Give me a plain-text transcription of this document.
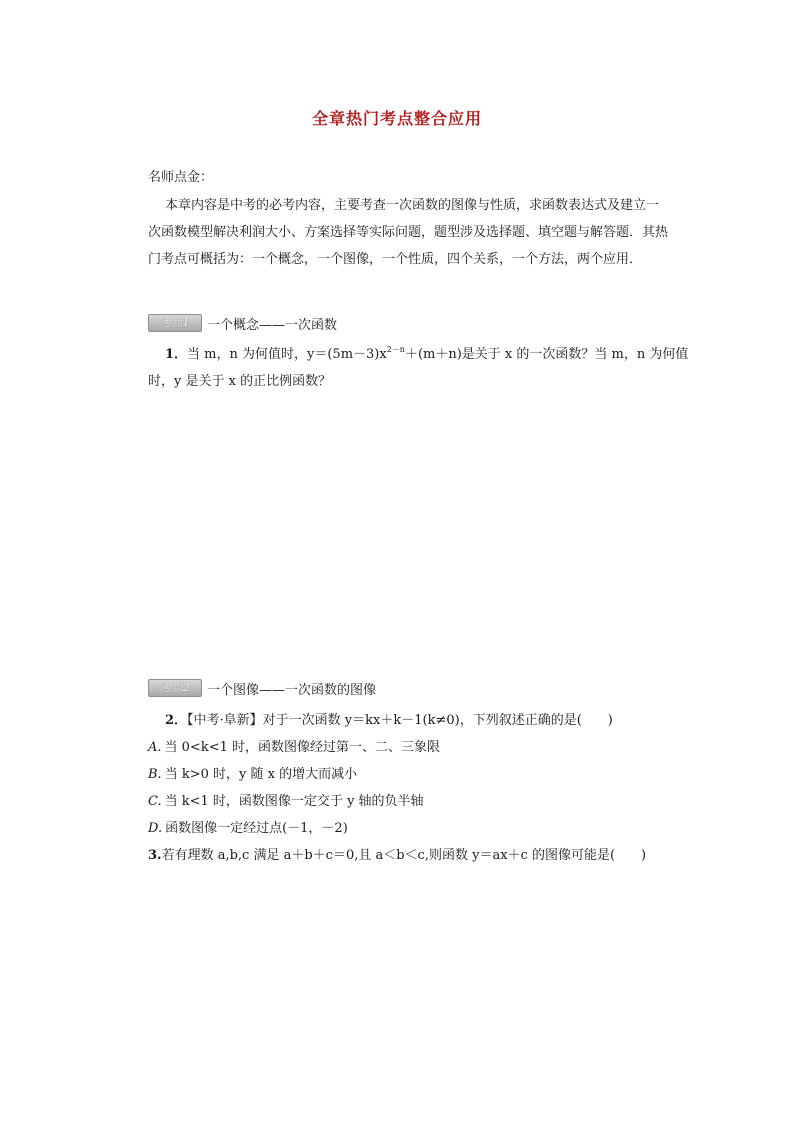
全章热门考点整合应用
名师点金：
本章内容是中考的必考内容，主要考查一次函数的图像与性质，求函数表达式及建立一
次函数模型解决利润大小、方案选择等实际问题，题型涉及选择题、填空题与解答题．其热
门考点可概括为：一个概念，一个图像，一个性质，四个关系，一个方法，两个应用．
考点1	一个概念——一次函数
1．当 m，n 为何值时，$y=(5m-3)x^{2-n}+(m+n)$是关于 x 的一次函数？当 m，n 为何值
时，y 是关于 x 的正比例函数？
考点2	一个图像——一次函数的图像
2．【中考·阜新】对于一次函数 y＝kx＋k－1(k≠0)，下列叙述正确的是(　　)
A. 当 0<k<1 时，函数图像经过第一、二、三象限
B. 当 k>0 时，y 随 x 的增大而减小
C. 当 k<1 时，函数图像一定交于 y 轴的负半轴
D. 函数图像一定经过点(－1，－2)
3.若有理数 a,b,c 满足 a＋b＋c＝0,且 a＜b＜c,则函数 y＝ax＋c 的图像可能是(　　)
